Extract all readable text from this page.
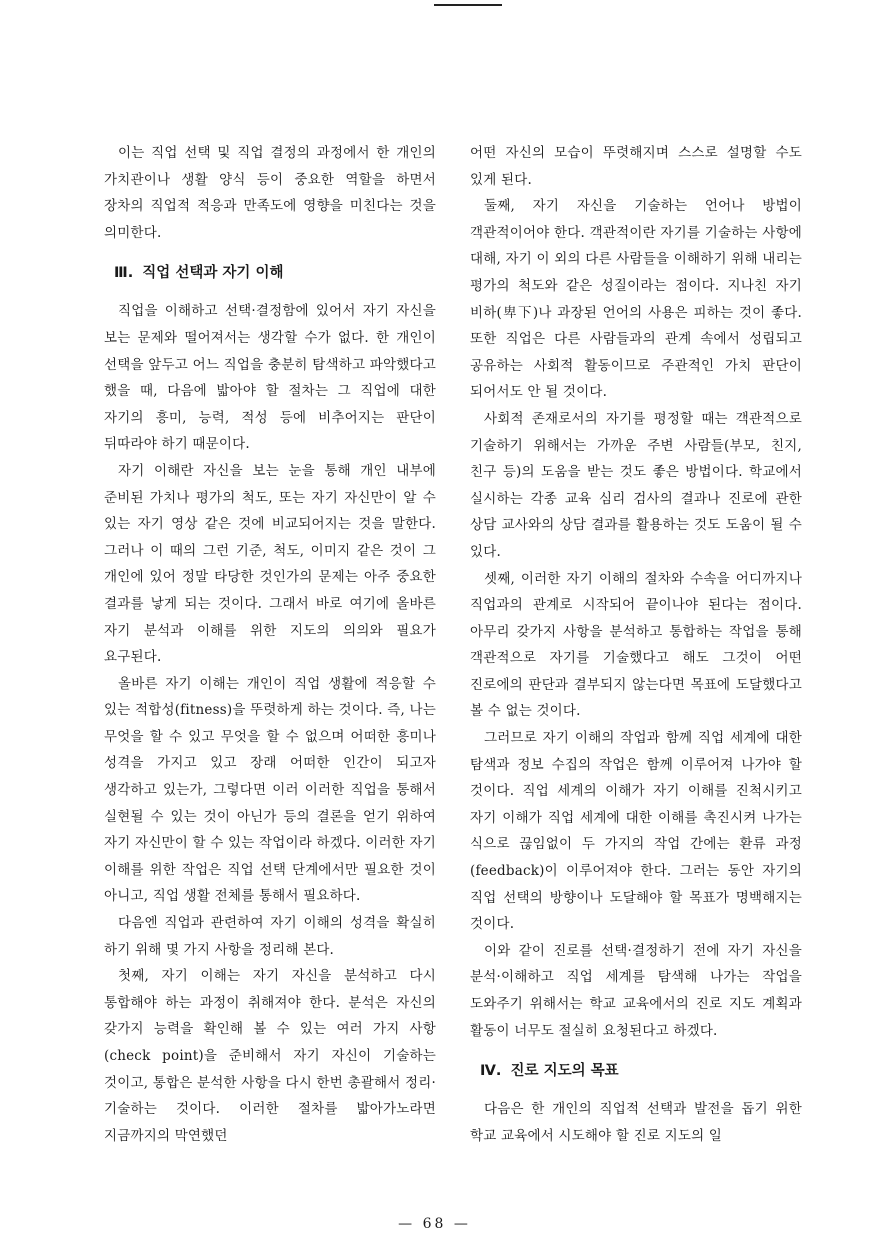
이는 직업 선택 및 직업 결정의 과정에서 한 개인의 가치관이나 생활 양식 등이 중요한 역할을 하면서 장차의 직업적 적응과 만족도에 영향을 미친다는 것을 의미한다.

Ⅲ. 직업 선택과 자기 이해

직업을 이해하고 선택·결정함에 있어서 자기 자신을 보는 문제와 떨어져서는 생각할 수가 없다. 한 개인이 선택을 앞두고 어느 직업을 충분히 탐색하고 파악했다고 했을 때, 다음에 밟아야 할 절차는 그 직업에 대한 자기의 흥미, 능력, 적성 등에 비추어지는 판단이 뒤따라야 하기 때문이다.

자기 이해란 자신을 보는 눈을 통해 개인 내부에 준비된 가치나 평가의 척도, 또는 자기 자신만이 알 수 있는 자기 영상 같은 것에 비교되어지는 것을 말한다. 그러나 이 때의 그런 기준, 척도, 이미지 같은 것이 그 개인에 있어 정말 타당한 것인가의 문제는 아주 중요한 결과를 낳게 되는 것이다. 그래서 바로 여기에 올바른 자기 분석과 이해를 위한 지도의 의의와 필요가 요구된다.

올바른 자기 이해는 개인이 직업 생활에 적응할 수 있는 적합성(fitness)을 뚜렷하게 하는 것이다. 즉, 나는 무엇을 할 수 있고 무엇을 할 수 없으며 어떠한 흥미나 성격을 가지고 있고 장래 어떠한 인간이 되고자 생각하고 있는가, 그렇다면 이러 이러한 직업을 통해서 실현될 수 있는 것이 아닌가 등의 결론을 얻기 위하여 자기 자신만이 할 수 있는 작업이라 하겠다. 이러한 자기 이해를 위한 작업은 직업 선택 단계에서만 필요한 것이 아니고, 직업 생활 전체를 통해서 필요하다.

다음엔 직업과 관련하여 자기 이해의 성격을 확실히 하기 위해 몇 가지 사항을 정리해 본다.

첫째, 자기 이해는 자기 자신을 분석하고 다시 통합해야 하는 과정이 취해져야 한다. 분석은 자신의 갖가지 능력을 확인해 볼 수 있는 여러 가지 사항(check point)을 준비해서 자기 자신이 기술하는 것이고, 통합은 분석한 사항을 다시 한번 총괄해서 정리·기술하는 것이다. 이러한 절차를 밟아가노라면 지금까지의 막연했던

어떤 자신의 모습이 뚜렷해지며 스스로 설명할 수도 있게 된다.

둘째, 자기 자신을 기술하는 언어나 방법이 객관적이어야 한다. 객관적이란 자기를 기술하는 사항에 대해, 자기 이 외의 다른 사람들을 이해하기 위해 내리는 평가의 척도와 같은 성질이라는 점이다. 지나친 자기 비하(卑下)나 과장된 언어의 사용은 피하는 것이 좋다. 또한 직업은 다른 사람들과의 관계 속에서 성립되고 공유하는 사회적 활동이므로 주관적인 가치 판단이 되어서도 안 될 것이다.

사회적 존재로서의 자기를 평정할 때는 객관적으로 기술하기 위해서는 가까운 주변 사람들(부모, 친지, 친구 등)의 도움을 받는 것도 좋은 방법이다. 학교에서 실시하는 각종 교육 심리 검사의 결과나 진로에 관한 상담 교사와의 상담 결과를 활용하는 것도 도움이 될 수 있다.

셋째, 이러한 자기 이해의 절차와 수속을 어디까지나 직업과의 관계로 시작되어 끝이나야 된다는 점이다. 아무리 갖가지 사항을 분석하고 통합하는 작업을 통해 객관적으로 자기를 기술했다고 해도 그것이 어떤 진로에의 판단과 결부되지 않는다면 목표에 도달했다고 볼 수 없는 것이다.

그러므로 자기 이해의 작업과 함께 직업 세계에 대한 탐색과 정보 수집의 작업은 함께 이루어져 나가야 할 것이다. 직업 세계의 이해가 자기 이해를 진척시키고 자기 이해가 직업 세계에 대한 이해를 촉진시켜 나가는 식으로 끊임없이 두 가지의 작업 간에는 환류 과정(feedback)이 이루어져야 한다. 그러는 동안 자기의 직업 선택의 방향이나 도달해야 할 목표가 명백해지는 것이다.

이와 같이 진로를 선택·결정하기 전에 자기 자신을 분석·이해하고 직업 세계를 탐색해 나가는 작업을 도와주기 위해서는 학교 교육에서의 진로 지도 계획과 활동이 너무도 절실히 요청된다고 하겠다.

Ⅳ. 진로 지도의 목표

다음은 한 개인의 직업적 선택과 발전을 돕기 위한 학교 교육에서 시도해야 할 진로 지도의 일

— 68 —
